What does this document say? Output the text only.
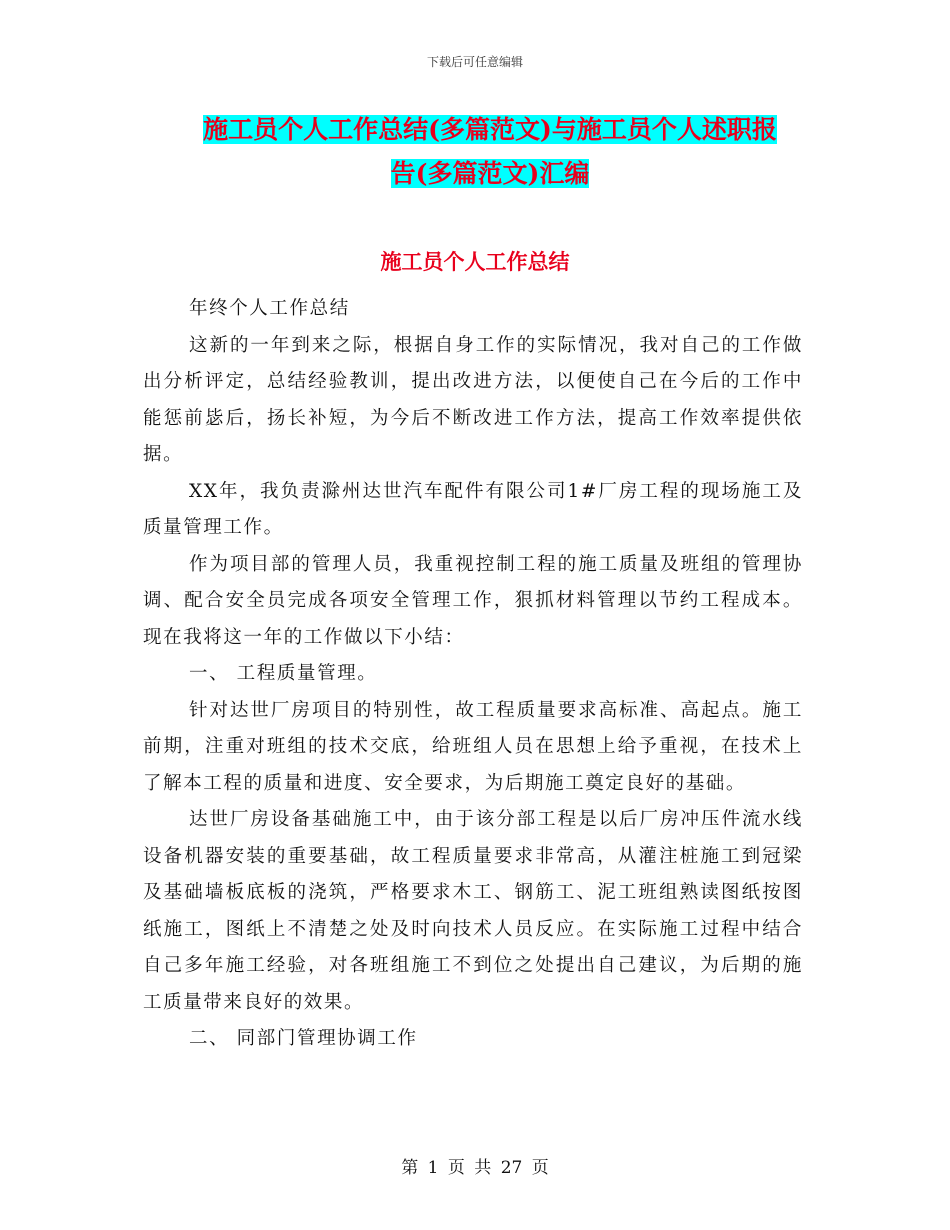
下载后可任意编辑
施工员个人工作总结(多篇范文)与施工员个人述职报
告(多篇范文)汇编
施工员个人工作总结

年终个人工作总结

这新的一年到来之际，根据自身工作的实际情况，我对自己的工作做出分析评定，总结经验教训，提出改进方法，以便使自己在今后的工作中能惩前毖后，扬长补短，为今后不断改进工作方法，提高工作效率提供依据。

XX年，我负责滁州达世汽车配件有限公司1#厂房工程的现场施工及质量管理工作。

作为项目部的管理人员，我重视控制工程的施工质量及班组的管理协调、配合安全员完成各项安全管理工作，狠抓材料管理以节约工程成本。现在我将这一年的工作做以下小结：

一、 工程质量管理。

针对达世厂房项目的特别性，故工程质量要求高标准、高起点。施工前期，注重对班组的技术交底，给班组人员在思想上给予重视，在技术上了解本工程的质量和进度、安全要求，为后期施工奠定良好的基础。

达世厂房设备基础施工中，由于该分部工程是以后厂房冲压件流水线设备机器安装的重要基础，故工程质量要求非常高，从灌注桩施工到冠梁及基础墙板底板的浇筑，严格要求木工、钢筋工、泥工班组熟读图纸按图纸施工，图纸上不清楚之处及时向技术人员反应。在实际施工过程中结合自己多年施工经验，对各班组施工不到位之处提出自己建议，为后期的施工质量带来良好的效果。

二、 同部门管理协调工作

第 1 页 共 27 页
